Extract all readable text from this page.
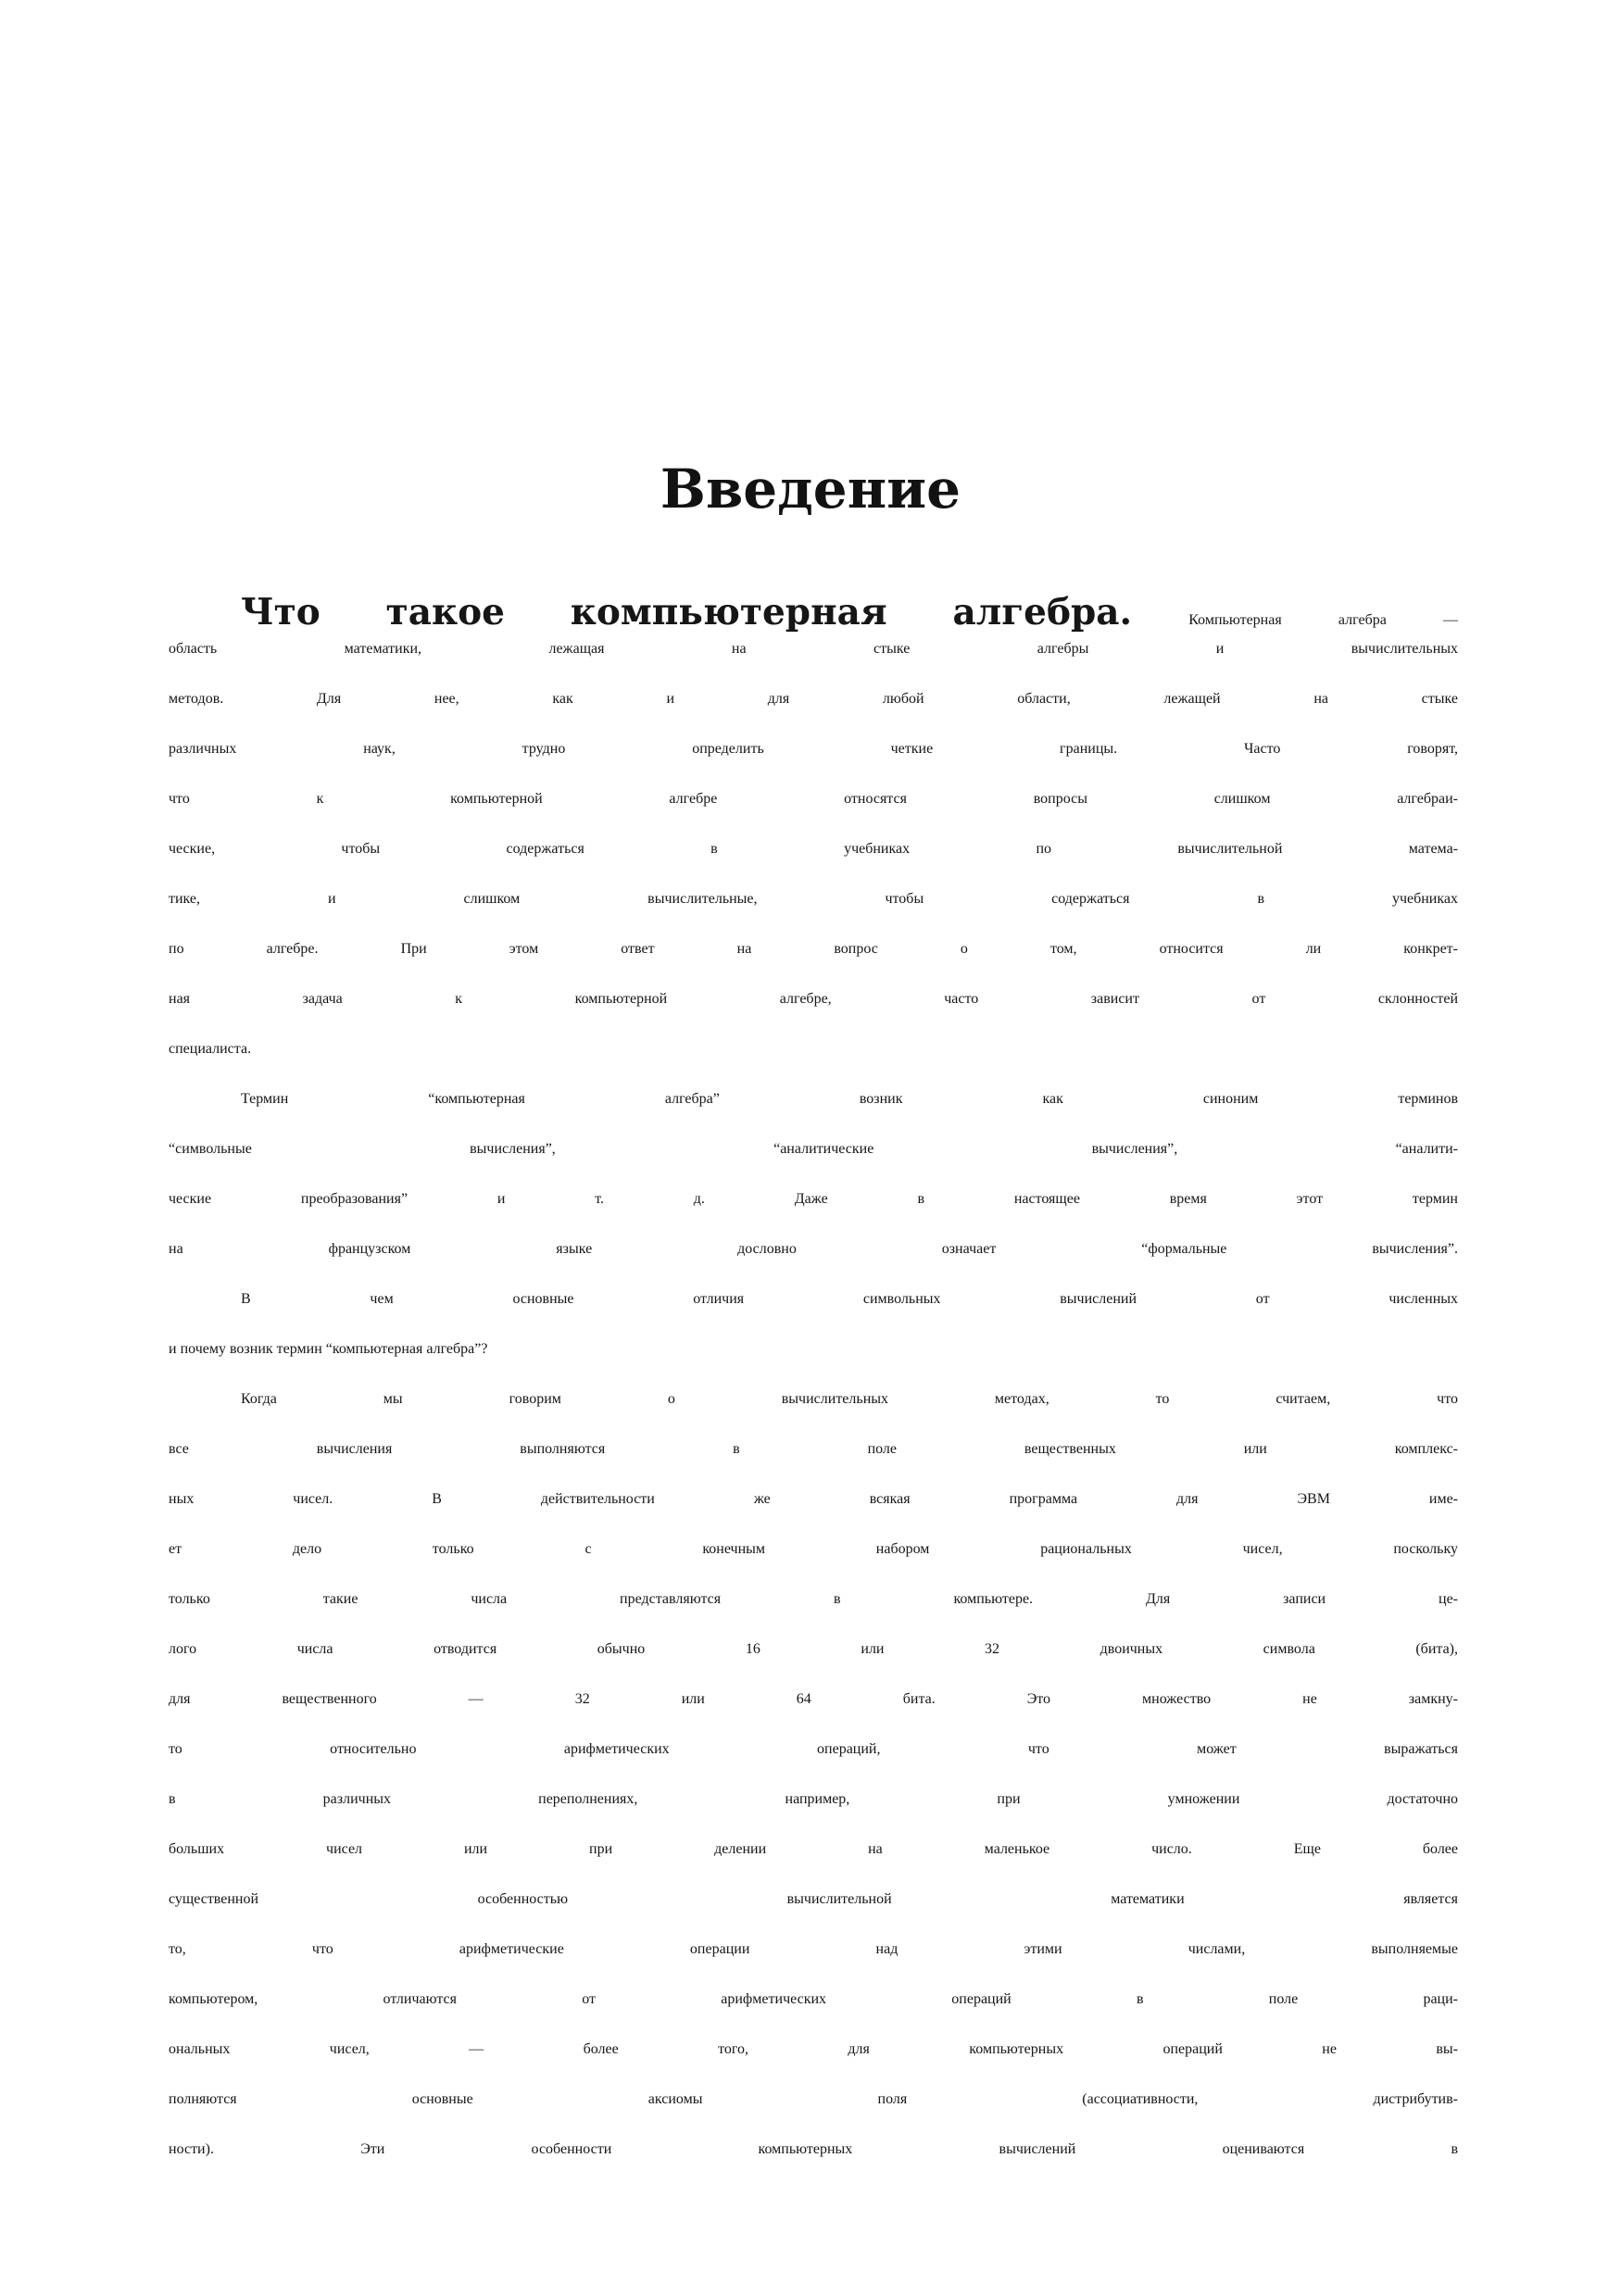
Введение
Что такое компьютерная алгебра.	Компьютерная алгебра —
область математики, лежащая на стыке алгебры и вычислительных
методов. Для нее, как и для любой области, лежащей на стыке
различных наук, трудно определить четкие границы. Часто говорят,
что к компьютерной алгебре относятся вопросы слишком алгебраи-
ческие, чтобы содержаться в учебниках по вычислительной матема-
тике, и слишком вычислительные, чтобы содержаться в учебниках
по алгебре. При этом ответ на вопрос о том, относится ли конкрет-
ная задача к компьютерной алгебре, часто зависит от склонностей
специалиста.
Термин “компьютерная алгебра” возник как синоним терминов
“символьные вычисления”, “аналитические вычисления”, “аналити-
ческие преобразования” и т. д. Даже в настоящее время этот термин
на французском языке дословно означает “формальные вычисления”.
В чем основные отличия символьных вычислений от численных
и почему возник термин “компьютерная алгебра”?
Когда мы говорим о вычислительных методах, то считаем, что
все вычисления выполняются в поле вещественных или комплекс-
ных чисел. В действительности же всякая программа для ЭВМ име-
ет дело только с конечным набором рациональных чисел, поскольку
только такие числа представляются в компьютере. Для записи це-
лого числа отводится обычно 16 или 32 двоичных символа (бита),
для вещественного — 32 или 64 бита. Это множество не замкну-
то относительно арифметических операций, что может выражаться
в различных переполнениях, например, при умножении достаточно
больших чисел или при делении на маленькое число. Еще более
существенной особенностью вычислительной математики является
то, что арифметические операции над этими числами, выполняемые
компьютером, отличаются от арифметических операций в поле раци-
ональных чисел, — более того, для компьютерных операций не вы-
полняются основные аксиомы поля (ассоциативности, дистрибутив-
ности). Эти особенности компьютерных вычислений оцениваются в
